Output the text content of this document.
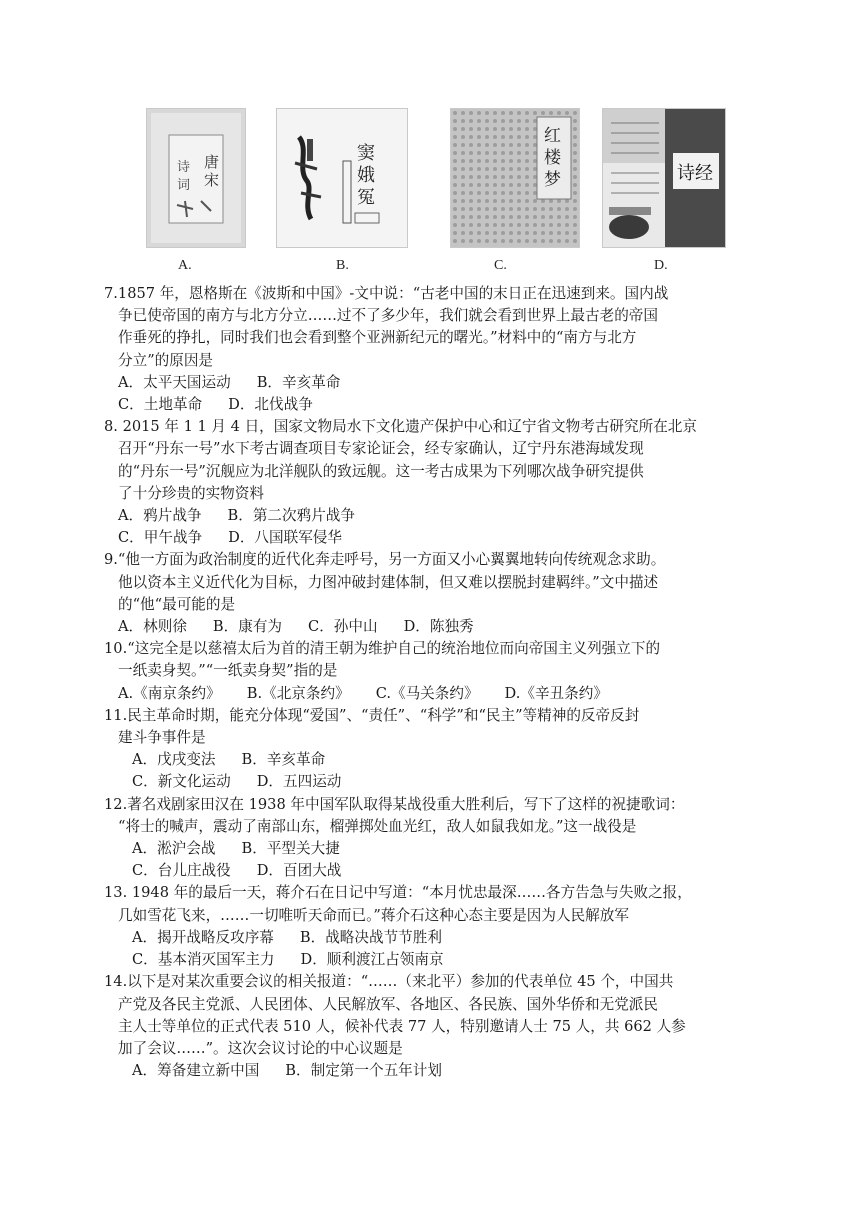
唐
宋
诗
词
A.
窦
娥
冤
B.
红
楼
梦
C.
诗经
D.
7.1857 年，恩格斯在《波斯和中国》-文中说：“古老中国的末日正在迅速到来。国内战
争已使帝国的南方与北方分立……过不了多少年，我们就会看到世界上最古老的帝国
作垂死的挣扎，同时我们也会看到整个亚洲新纪元的曙光。”材料中的“南方与北方
分立”的原因是
A．太平天国运动 B．辛亥革命
C．土地革命 D．北伐战争
8. 2015 年 1 1 月 4 日，国家文物局水下文化遗产保护中心和辽宁省文物考古研究所在北京
召开“丹东一号”水下考古调查项目专家论证会，经专家确认，辽宁丹东港海域发现
的“丹东一号”沉舰应为北洋舰队的致远舰。这一考古成果为下列哪次战争研究提供
了十分珍贵的实物资料
A．鸦片战争 B．第二次鸦片战争
C．甲午战争 D．八国联军侵华
9.“他一方面为政治制度的近代化奔走呼号，另一方面又小心翼翼地转向传统观念求助。
他以资本主义近代化为目标，力图冲破封建体制，但又难以摆脱封建羁绊。”文中描述
的“他“最可能的是
A．林则徐 B．康有为 C．孙中山 D．陈独秀
10.“这完全是以慈禧太后为首的清王朝为维护自己的统治地位而向帝国主义列强立下的
一纸卖身契。”“一纸卖身契”指的是
A.《南京条约》 B.《北京条约》 C.《马关条约》 D.《辛丑条约》
11.民主革命时期，能充分体现“爱国”、“责任”、“科学”和“民主”等精神的反帝反封
建斗争事件是
A．戊戌变法 B．辛亥革命
C．新文化运动 D．五四运动
12.著名戏剧家田汉在 1938 年中国军队取得某战役重大胜利后，写下了这样的祝捷歌词：
“将士的喊声，震动了南部山东，榴弹掷处血光红，敌人如鼠我如龙。”这一战役是
A．淞沪会战 B．平型关大捷
C．台儿庄战役 D．百团大战
13. 1948 年的最后一天，蒋介石在日记中写道：“本月忧忠最深……各方告急与失败之报，
几如雪花飞来，……一切唯听天命而已。”蒋介石这种心态主要是因为人民解放军
A．揭开战略反攻序幕 B．战略决战节节胜利
C．基本消灭国军主力 D．顺利渡江占领南京
14.以下是对某次重要会议的相关报道：“……（来北平）参加的代表单位 45 个，中国共
产党及各民主党派、人民团体、人民解放军、各地区、各民族、国外华侨和无党派民
主人士等单位的正式代表 510 人，候补代表 77 人，特别邀请人士 75 人，共 662 人参
加了会议……”。这次会议讨论的中心议题是
A．筹备建立新中国 B．制定第一个五年计划
